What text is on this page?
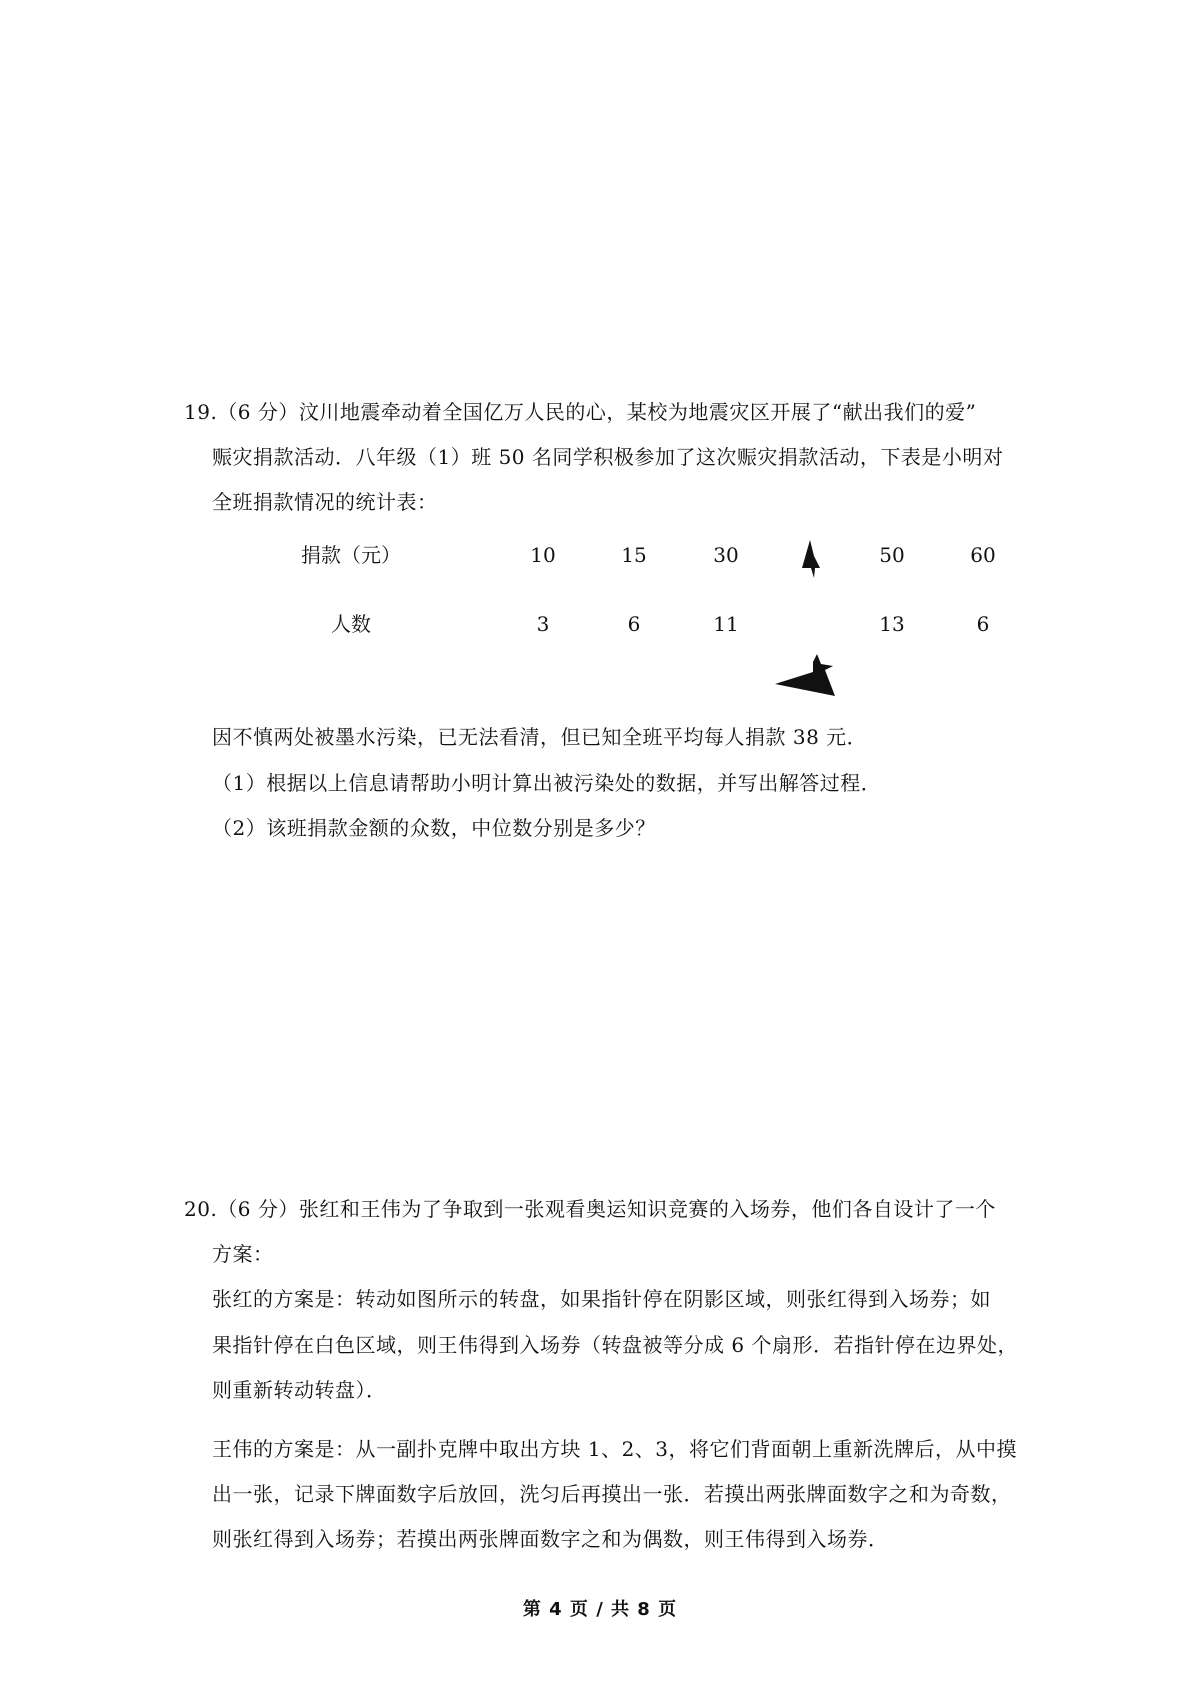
19.（6 分）汶川地震牵动着全国亿万人民的心，某校为地震灾区开展了“献出我们的爱”
赈灾捐款活动．八年级（1）班 50 名同学积极参加了这次赈灾捐款活动，下表是小明对
全班捐款情况的统计表：
捐款（元）	10	15	30	50	60
人数	3	6	11	13	6
因不慎两处被墨水污染，已无法看清，但已知全班平均每人捐款 38 元．
（1）根据以上信息请帮助小明计算出被污染处的数据，并写出解答过程．
（2）该班捐款金额的众数，中位数分别是多少？
20.（6 分）张红和王伟为了争取到一张观看奥运知识竞赛的入场券，他们各自设计了一个
方案：
张红的方案是：转动如图所示的转盘，如果指针停在阴影区域，则张红得到入场券；如
果指针停在白色区域，则王伟得到入场券（转盘被等分成 6 个扇形．若指针停在边界处，
则重新转动转盘）．
王伟的方案是：从一副扑克牌中取出方块 1、2、3，将它们背面朝上重新洗牌后，从中摸
出一张，记录下牌面数字后放回，洗匀后再摸出一张．若摸出两张牌面数字之和为奇数，
则张红得到入场券；若摸出两张牌面数字之和为偶数，则王伟得到入场券．
第 4 页 / 共 8 页
